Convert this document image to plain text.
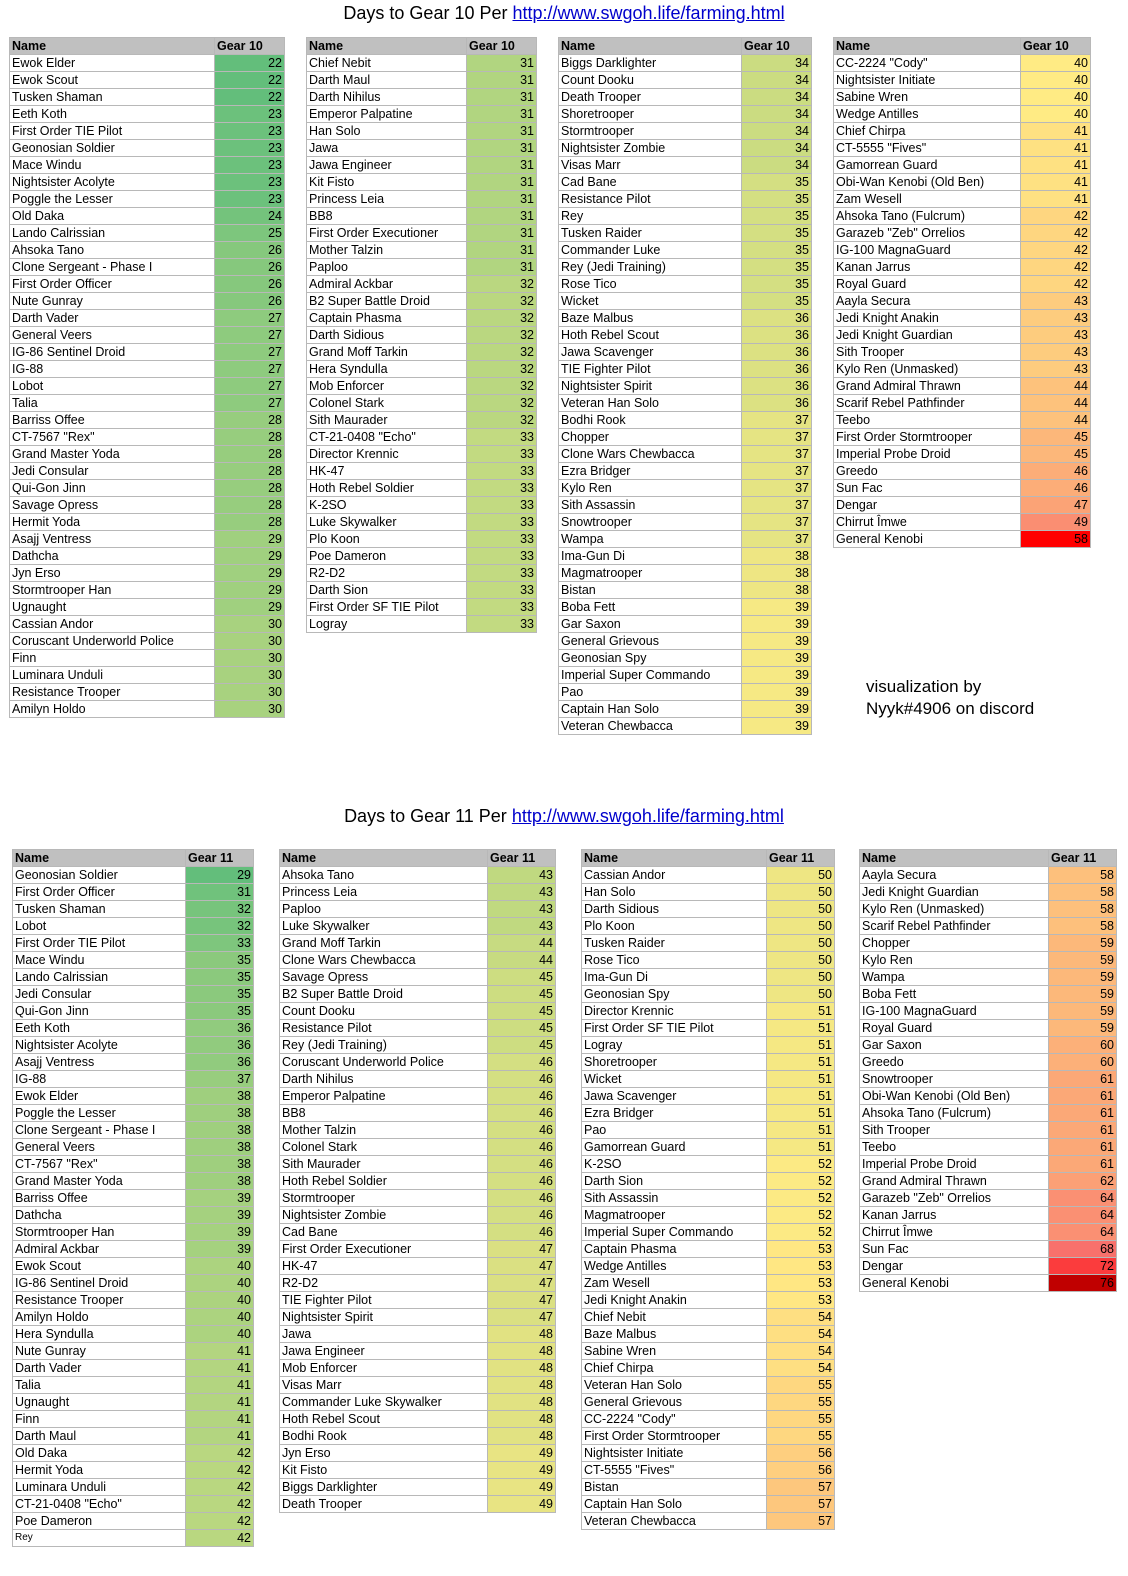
Days to Gear 10 Per http://www.swgoh.life/farming.html
Name	Gear 10
Ewok Elder	22
Ewok Scout	22
Tusken Shaman	22
Eeth Koth	23
First Order TIE Pilot	23
Geonosian Soldier	23
Mace Windu	23
Nightsister Acolyte	23
Poggle the Lesser	23
Old Daka	24
Lando Calrissian	25
Ahsoka Tano	26
Clone Sergeant - Phase I	26
First Order Officer	26
Nute Gunray	26
Darth Vader	27
General Veers	27
IG-86 Sentinel Droid	27
IG-88	27
Lobot	27
Talia	27
Barriss Offee	28
CT-7567 "Rex"	28
Grand Master Yoda	28
Jedi Consular	28
Qui-Gon Jinn	28
Savage Opress	28
Hermit Yoda	28
Asajj Ventress	29
Dathcha	29
Jyn Erso	29
Stormtrooper Han	29
Ugnaught	29
Cassian Andor	30
Coruscant Underworld Police	30
Finn	30
Luminara Unduli	30
Resistance Trooper	30
Amilyn Holdo	30
Name	Gear 10
Chief Nebit	31
Darth Maul	31
Darth Nihilus	31
Emperor Palpatine	31
Han Solo	31
Jawa	31
Jawa Engineer	31
Kit Fisto	31
Princess Leia	31
BB8	31
First Order Executioner	31
Mother Talzin	31
Paploo	31
Admiral Ackbar	32
B2 Super Battle Droid	32
Captain Phasma	32
Darth Sidious	32
Grand Moff Tarkin	32
Hera Syndulla	32
Mob Enforcer	32
Colonel Stark	32
Sith Maurader	32
CT-21-0408 "Echo"	33
Director Krennic	33
HK-47	33
Hoth Rebel Soldier	33
K-2SO	33
Luke Skywalker	33
Plo Koon	33
Poe Dameron	33
R2-D2	33
Darth Sion	33
First Order SF TIE Pilot	33
Logray	33
Name	Gear 10
Biggs Darklighter	34
Count Dooku	34
Death Trooper	34
Shoretrooper	34
Stormtrooper	34
Nightsister Zombie	34
Visas Marr	34
Cad Bane	35
Resistance Pilot	35
Rey	35
Tusken Raider	35
Commander Luke	35
Rey (Jedi Training)	35
Rose Tico	35
Wicket	35
Baze Malbus	36
Hoth Rebel Scout	36
Jawa Scavenger	36
TIE Fighter Pilot	36
Nightsister Spirit	36
Veteran Han Solo	36
Bodhi Rook	37
Chopper	37
Clone Wars Chewbacca	37
Ezra Bridger	37
Kylo Ren	37
Sith Assassin	37
Snowtrooper	37
Wampa	37
Ima-Gun Di	38
Magmatrooper	38
Bistan	38
Boba Fett	39
Gar Saxon	39
General Grievous	39
Geonosian Spy	39
Imperial Super Commando	39
Pao	39
Captain Han Solo	39
Veteran Chewbacca	39
Name	Gear 10
CC-2224 "Cody"	40
Nightsister Initiate	40
Sabine Wren	40
Wedge Antilles	40
Chief Chirpa	41
CT-5555 "Fives"	41
Gamorrean Guard	41
Obi-Wan Kenobi (Old Ben)	41
Zam Wesell	41
Ahsoka Tano (Fulcrum)	42
Garazeb "Zeb" Orrelios	42
IG-100 MagnaGuard	42
Kanan Jarrus	42
Royal Guard	42
Aayla Secura	43
Jedi Knight Anakin	43
Jedi Knight Guardian	43
Sith Trooper	43
Kylo Ren (Unmasked)	43
Grand Admiral Thrawn	44
Scarif Rebel Pathfinder	44
Teebo	44
First Order Stormtrooper	45
Imperial Probe Droid	45
Greedo	46
Sun Fac	46
Dengar	47
Chirrut Îmwe	49
General Kenobi	58
visualization by
Nyyk#4906 on discord
Days to Gear 11 Per http://www.swgoh.life/farming.html
Name	Gear 11
Geonosian Soldier	29
First Order Officer	31
Tusken Shaman	32
Lobot	32
First Order TIE Pilot	33
Mace Windu	35
Lando Calrissian	35
Jedi Consular	35
Qui-Gon Jinn	35
Eeth Koth	36
Nightsister Acolyte	36
Asajj Ventress	36
IG-88	37
Ewok Elder	38
Poggle the Lesser	38
Clone Sergeant - Phase I	38
General Veers	38
CT-7567 "Rex"	38
Grand Master Yoda	38
Barriss Offee	39
Dathcha	39
Stormtrooper Han	39
Admiral Ackbar	39
Ewok Scout	40
IG-86 Sentinel Droid	40
Resistance Trooper	40
Amilyn Holdo	40
Hera Syndulla	40
Nute Gunray	41
Darth Vader	41
Talia	41
Ugnaught	41
Finn	41
Darth Maul	41
Old Daka	42
Hermit Yoda	42
Luminara Unduli	42
CT-21-0408 "Echo"	42
Poe Dameron	42
Rey	42
Name	Gear 11
Ahsoka Tano	43
Princess Leia	43
Paploo	43
Luke Skywalker	43
Grand Moff Tarkin	44
Clone Wars Chewbacca	44
Savage Opress	45
B2 Super Battle Droid	45
Count Dooku	45
Resistance Pilot	45
Rey (Jedi Training)	45
Coruscant Underworld Police	46
Darth Nihilus	46
Emperor Palpatine	46
BB8	46
Mother Talzin	46
Colonel Stark	46
Sith Maurader	46
Hoth Rebel Soldier	46
Stormtrooper	46
Nightsister Zombie	46
Cad Bane	46
First Order Executioner	47
HK-47	47
R2-D2	47
TIE Fighter Pilot	47
Nightsister Spirit	47
Jawa	48
Jawa Engineer	48
Mob Enforcer	48
Visas Marr	48
Commander Luke Skywalker	48
Hoth Rebel Scout	48
Bodhi Rook	48
Jyn Erso	49
Kit Fisto	49
Biggs Darklighter	49
Death Trooper	49
Name	Gear 11
Cassian Andor	50
Han Solo	50
Darth Sidious	50
Plo Koon	50
Tusken Raider	50
Rose Tico	50
Ima-Gun Di	50
Geonosian Spy	50
Director Krennic	51
First Order SF TIE Pilot	51
Logray	51
Shoretrooper	51
Wicket	51
Jawa Scavenger	51
Ezra Bridger	51
Pao	51
Gamorrean Guard	51
K-2SO	52
Darth Sion	52
Sith Assassin	52
Magmatrooper	52
Imperial Super Commando	52
Captain Phasma	53
Wedge Antilles	53
Zam Wesell	53
Jedi Knight Anakin	53
Chief Nebit	54
Baze Malbus	54
Sabine Wren	54
Chief Chirpa	54
Veteran Han Solo	55
General Grievous	55
CC-2224 "Cody"	55
First Order Stormtrooper	55
Nightsister Initiate	56
CT-5555 "Fives"	56
Bistan	57
Captain Han Solo	57
Veteran Chewbacca	57
Name	Gear 11
Aayla Secura	58
Jedi Knight Guardian	58
Kylo Ren (Unmasked)	58
Scarif Rebel Pathfinder	58
Chopper	59
Kylo Ren	59
Wampa	59
Boba Fett	59
IG-100 MagnaGuard	59
Royal Guard	59
Gar Saxon	60
Greedo	60
Snowtrooper	61
Obi-Wan Kenobi (Old Ben)	61
Ahsoka Tano (Fulcrum)	61
Sith Trooper	61
Teebo	61
Imperial Probe Droid	61
Grand Admiral Thrawn	62
Garazeb "Zeb" Orrelios	64
Kanan Jarrus	64
Chirrut Îmwe	64
Sun Fac	68
Dengar	72
General Kenobi	76
